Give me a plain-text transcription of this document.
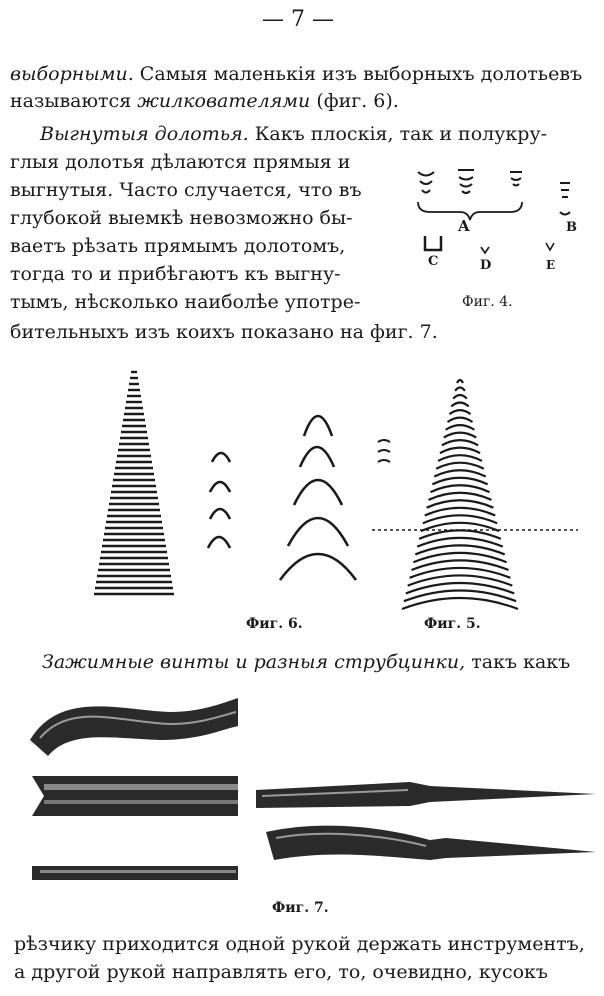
— 7 —
выборными. Самыя маленькія изъ выборныхъ долотьевъ
называются жилкователями (фиг. 6).
Выгнутыя долотья. Какъ плоскія, так и полукру-
глыя долотья дѣлаются прямыя и
выгнутыя. Часто случается, что въ
глубокой выемкѣ невозможно бы-
ваетъ рѣзать прямымъ долотомъ,
тогда то и прибѣгаютъ къ выгну-
тымъ, нѣсколько наиболѣе употре-
бительныхъ изъ коихъ показано на фиг. 7.
A	B
C	D	E
Фиг. 4.
Фиг. 6.	Фиг. 5.
Зажимные винты и разныя струбцинки, такъ какъ
Фиг. 7.
рѣзчику приходится одной рукой держать инструментъ,
а другой рукой направлять его, то, очевидно, кусокъ
